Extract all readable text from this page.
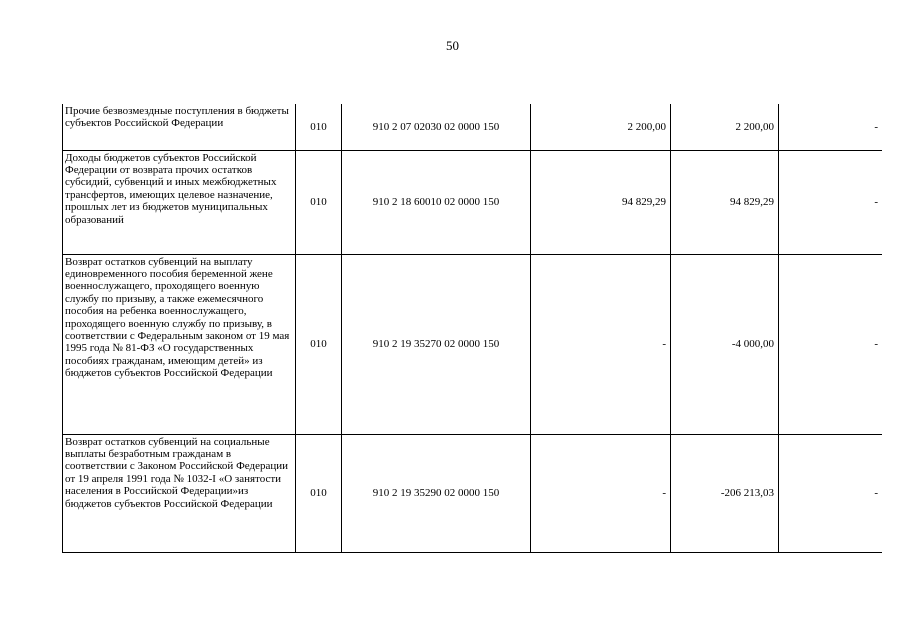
50
Прочие безвозмездные поступления в бюджеты субъектов Российской Федерации	010	910 2 07 02030 02 0000 150	2 200,00	2 200,00	-
Доходы бюджетов субъектов Российской Федерации от возврата прочих остатков субсидий, субвенций и иных межбюджетных трансфертов, имеющих целевое назначение, прошлых лет из бюджетов муниципальных образований	010	910 2 18 60010 02 0000 150	94 829,29	94 829,29	-
Возврат остатков субвенций на выплату единовременного пособия беременной жене военнослужащего, проходящего военную службу по призыву, а также ежемесячного пособия на ребенка военнослужащего, проходящего военную службу по призыву, в соответствии с Федеральным законом от 19 мая 1995 года № 81-ФЗ «О государственных пособиях гражданам, имеющим детей» из бюджетов субъектов Российской Федерации	010	910 2 19 35270 02 0000 150	-	-4 000,00	-
Возврат остатков субвенций на социальные выплаты безработным гражданам в соответствии с Законом Российской Федерации от 19 апреля 1991 года № 1032-I «О занятости населения в Российской Федерации»из бюджетов субъектов Российской Федерации	010	910 2 19 35290 02 0000 150	-	-206 213,03	-
